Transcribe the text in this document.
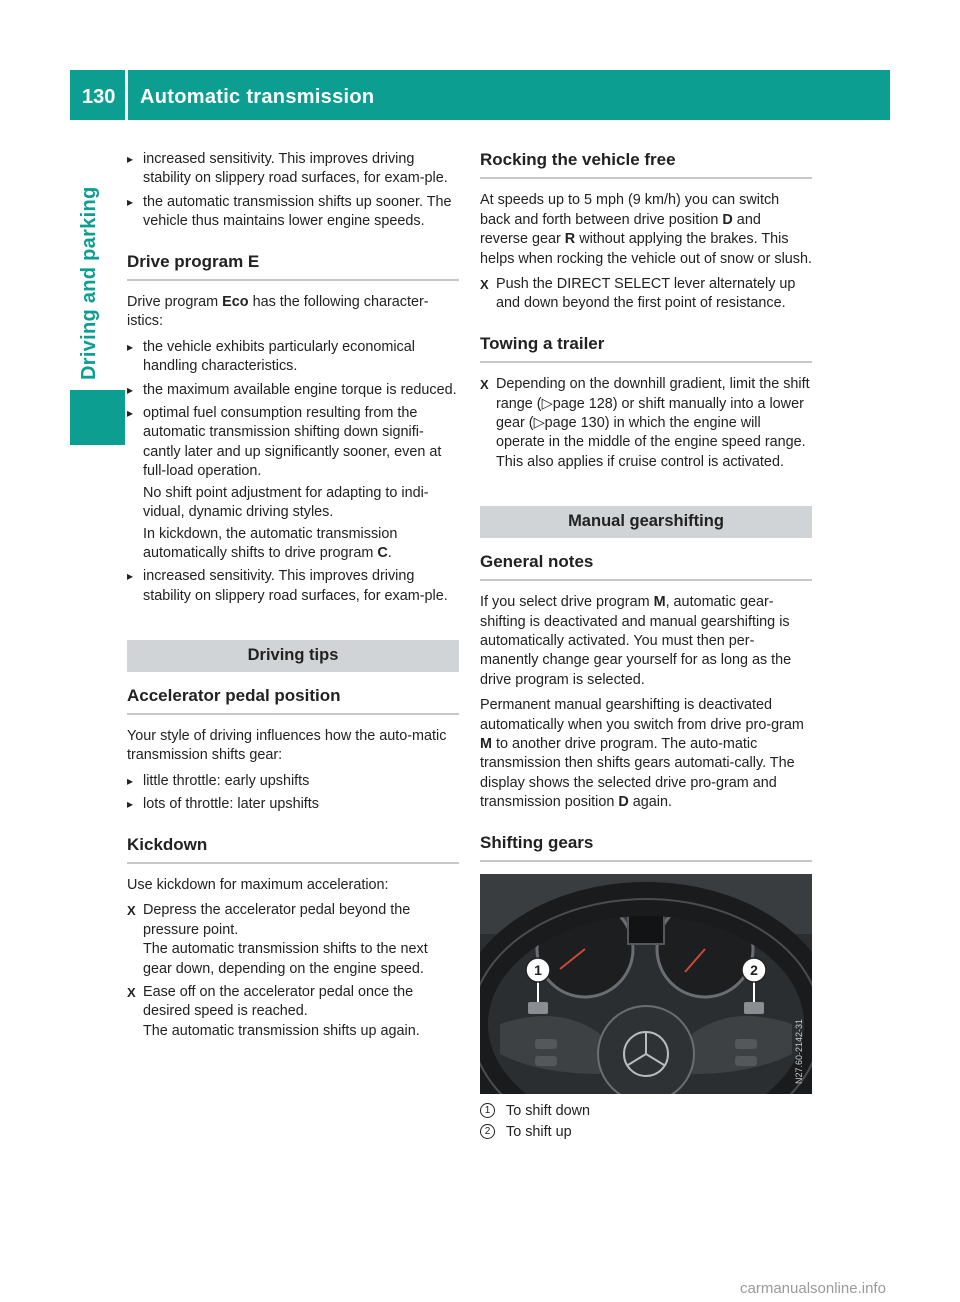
130 Automatic transmission
Driving and parking
▸ increased sensitivity. This improves driving stability on slippery road surfaces, for exam-ple.
▸ the automatic transmission shifts up sooner. The vehicle thus maintains lower engine speeds.
Drive program E
Drive program Eco has the following character-istics:
▸ the vehicle exhibits particularly economical handling characteristics.
▸ the maximum available engine torque is reduced.
▸ optimal fuel consumption resulting from the automatic transmission shifting down signifi-cantly later and up significantly sooner, even at full-load operation.
No shift point adjustment for adapting to indi-vidual, dynamic driving styles.
In kickdown, the automatic transmission automatically shifts to drive program C.
▸ increased sensitivity. This improves driving stability on slippery road surfaces, for exam-ple.
Driving tips
Accelerator pedal position
Your style of driving influences how the auto-matic transmission shifts gear:
▸ little throttle: early upshifts
▸ lots of throttle: later upshifts
Kickdown
Use kickdown for maximum acceleration:
X Depress the accelerator pedal beyond the pressure point.
The automatic transmission shifts to the next gear down, depending on the engine speed.
X Ease off on the accelerator pedal once the desired speed is reached.
The automatic transmission shifts up again.
Rocking the vehicle free
At speeds up to 5 mph (9 km/h) you can switch back and forth between drive position D and reverse gear R without applying the brakes. This helps when rocking the vehicle out of snow or slush.
X Push the DIRECT SELECT lever alternately up and down beyond the first point of resistance.
Towing a trailer
X Depending on the downhill gradient, limit the shift range (▷page 128) or shift manually into a lower gear (▷page 130) in which the engine will operate in the middle of the engine speed range. This also applies if cruise control is activated.
Manual gearshifting
General notes
If you select drive program M, automatic gear-shifting is deactivated and manual gearshifting is automatically activated. You must then per-manently change gear yourself for as long as the drive program is selected.
Permanent manual gearshifting is deactivated automatically when you switch from drive pro-gram M to another drive program. The auto-matic transmission then shifts gears automati-cally. The display shows the selected drive pro-gram and transmission position D again.
Shifting gears
1	2
N27.60-2142-31
1	To shift down
2	To shift up
carmanualsonline.info
